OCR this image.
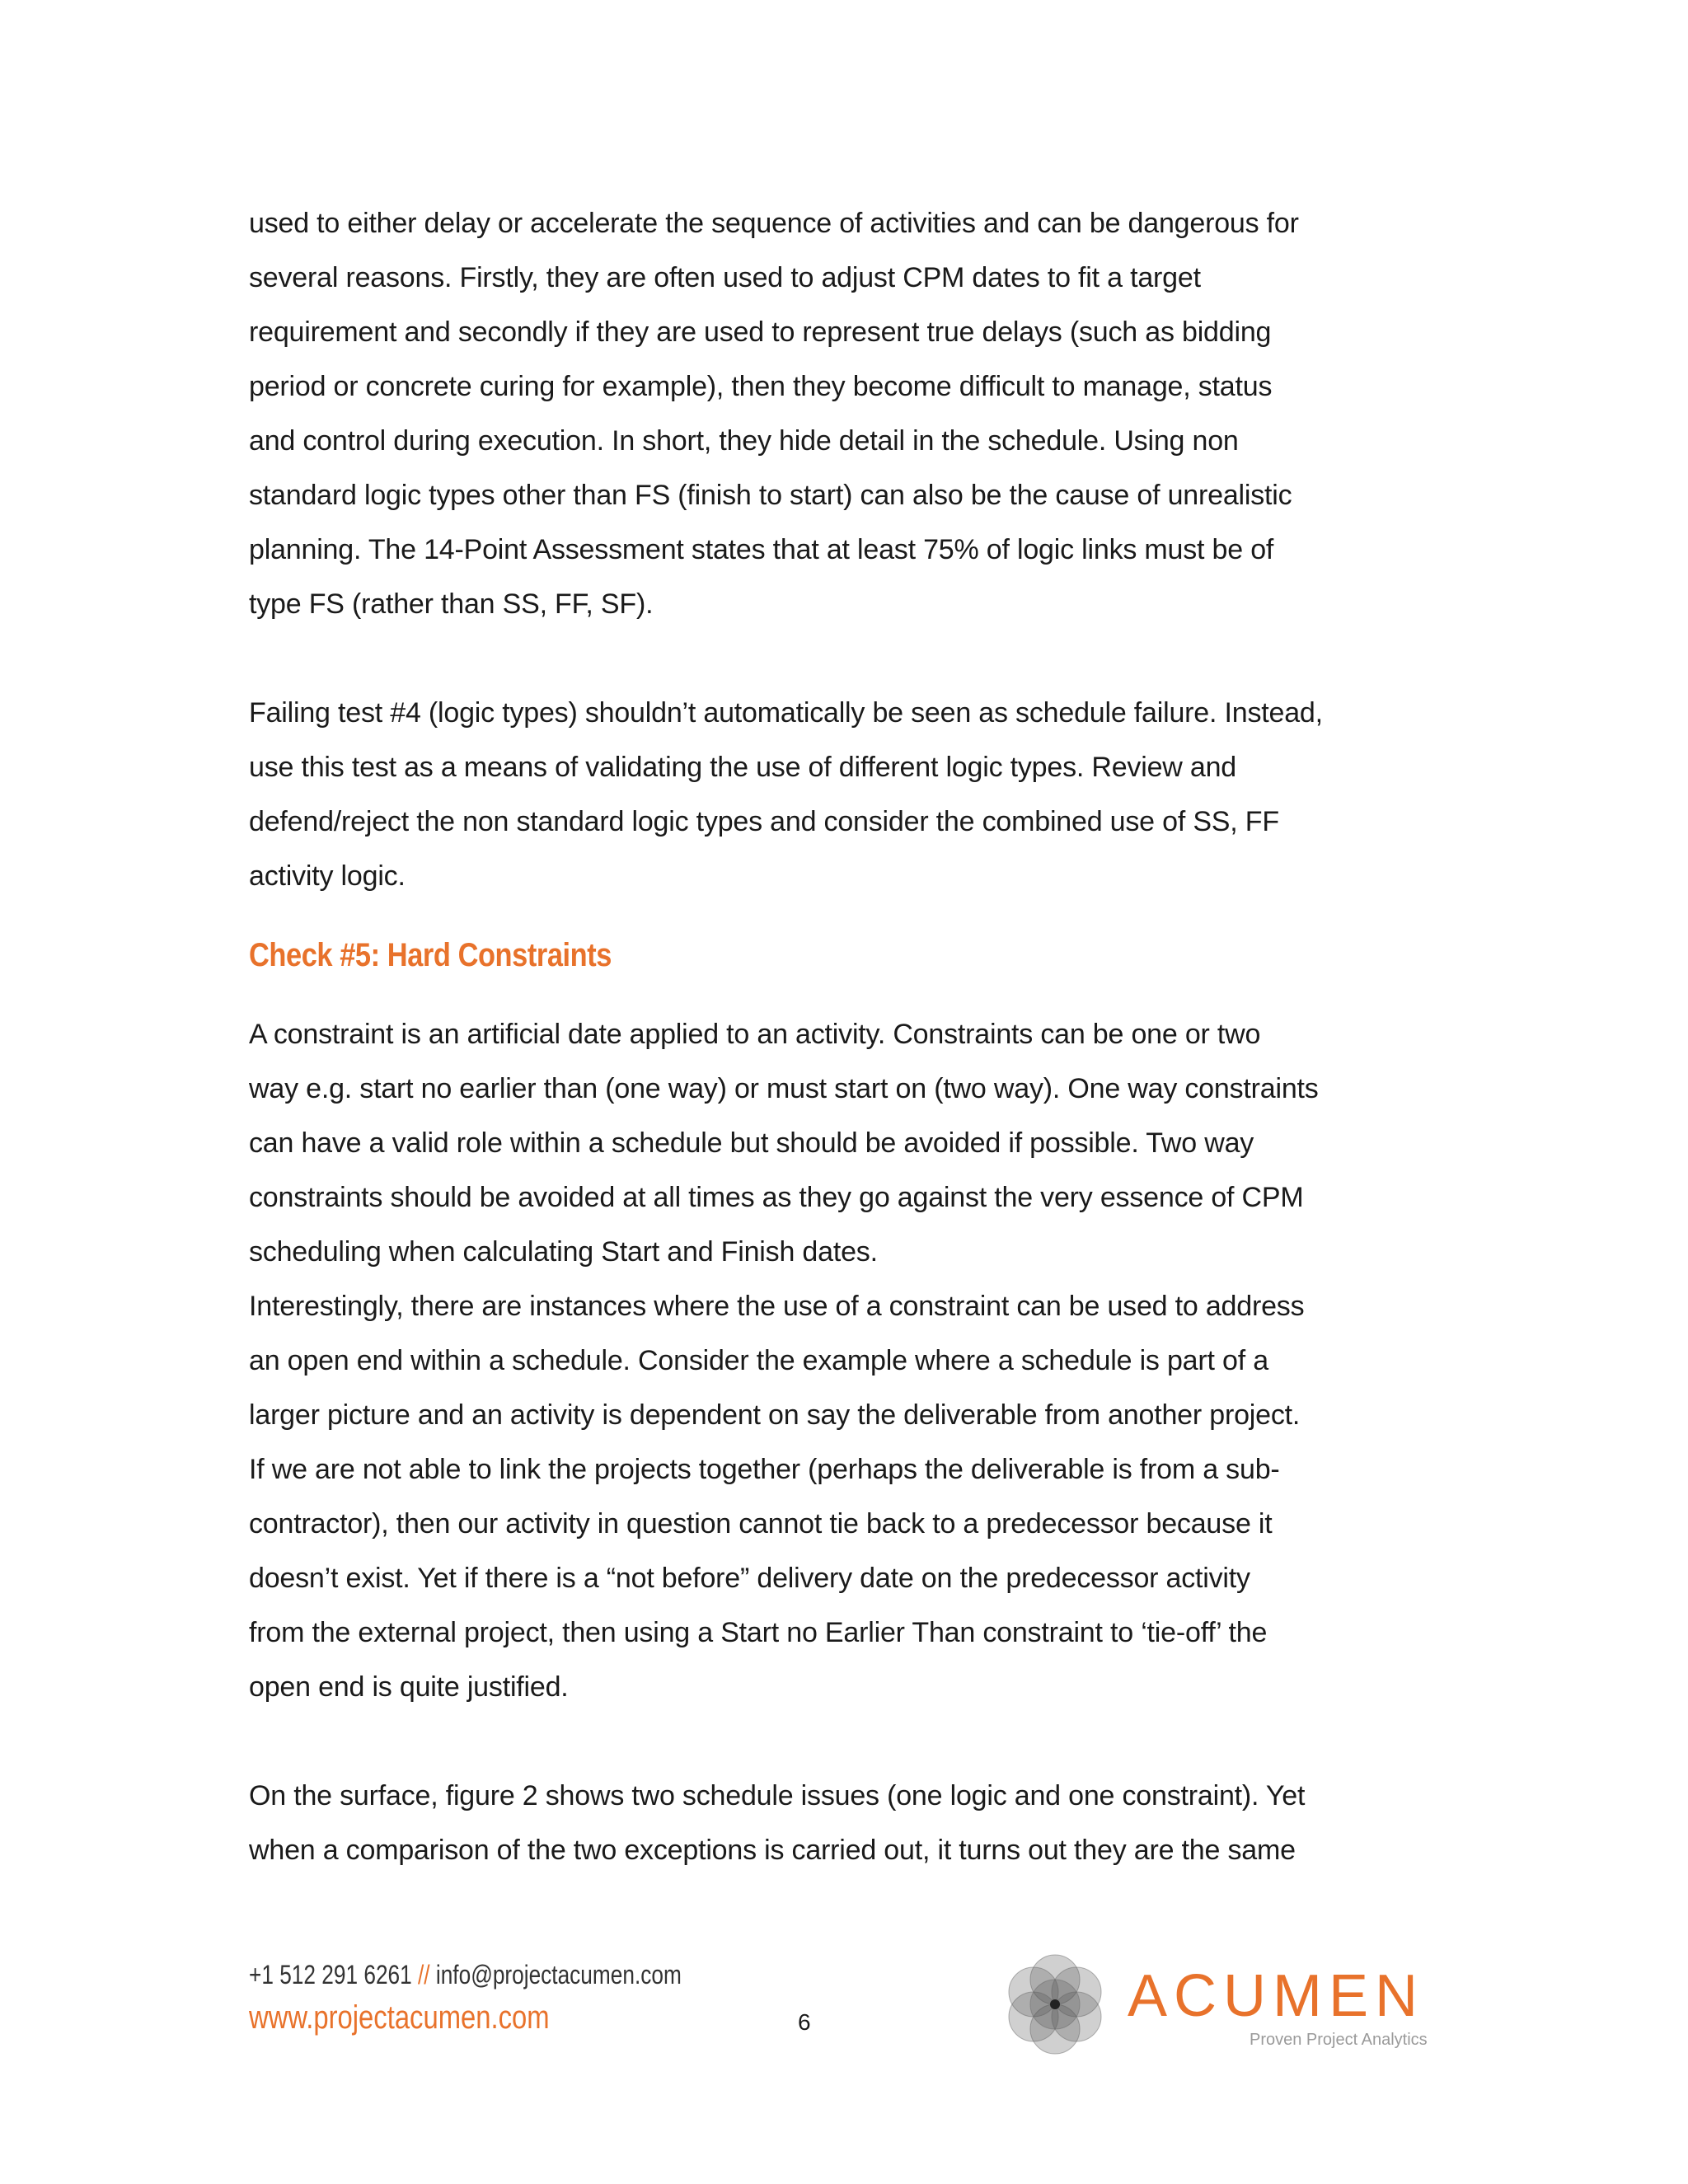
used to either delay or accelerate the sequence of activities and can be dangerous for

several reasons. Firstly, they are often used to adjust CPM dates to fit a target

requirement and secondly if they are used to represent true delays (such as bidding

period or concrete curing for example), then they become difficult to manage, status

and control during execution. In short, they hide detail in the schedule. Using non

standard logic types other than FS (finish to start) can also be the cause of unrealistic

planning. The 14-Point Assessment states that at least 75% of logic links must be of

type FS (rather than SS, FF, SF).

Failing test #4 (logic types) shouldn’t automatically be seen as schedule failure. Instead,

use this test as a means of validating the use of different logic types. Review and

defend/reject the non standard logic types and consider the combined use of SS, FF

activity logic.

Check #5: Hard Constraints

A constraint is an artificial date applied to an activity. Constraints can be one or two

way e.g. start no earlier than (one way) or must start on (two way). One way constraints

can have a valid role within a schedule but should be avoided if possible. Two way

constraints should be avoided at all times as they go against the very essence of CPM

scheduling when calculating Start and Finish dates.

Interestingly, there are instances where the use of a constraint can be used to address

an open end within a schedule. Consider the example where a schedule is part of a

larger picture and an activity is dependent on say the deliverable from another project.

If we are not able to link the projects together (perhaps the deliverable is from a sub-

contractor), then our activity in question cannot tie back to a predecessor because it

doesn’t exist. Yet if there is a “not before” delivery date on the predecessor activity

from the external project, then using a Start no Earlier Than constraint to ‘tie-off’ the

open end is quite justified.

On the surface, figure 2 shows two schedule issues (one logic and one constraint). Yet

when a comparison of the two exceptions is carried out, it turns out they are the same

+1 512 291 6261 // info@projectacumen.com
www.projectacumen.com	6	ACUMEN
Proven Project Analytics
